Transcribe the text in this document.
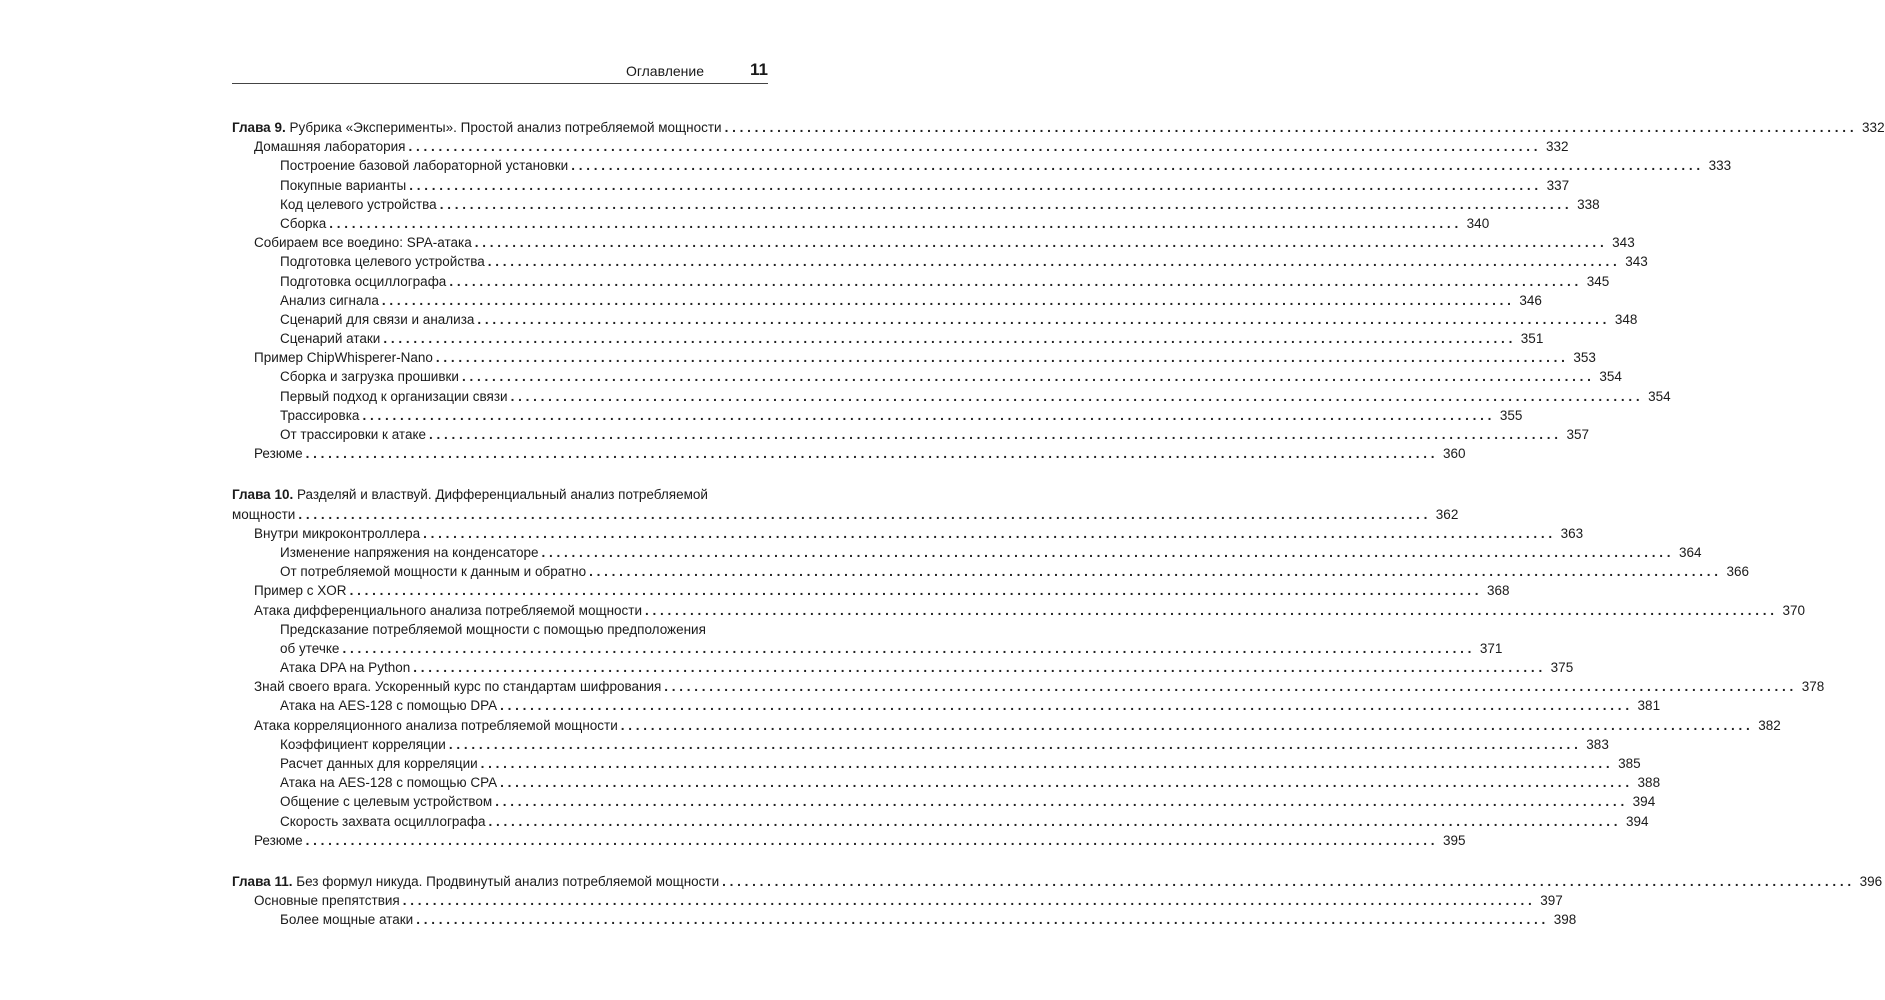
Оглавление	11
Глава 9. Рубрика «Эксперименты». Простой анализ потребляемой мощности . . .	332
Домашняя лаборатория . . .	332
Построение базовой лабораторной установки . . .	333
Покупные варианты . . .	337
Код целевого устройства . . .	338
Сборка . . .	340
Собираем все воедино: SPA-атака . . .	343
Подготовка целевого устройства . . .	343
Подготовка осциллографа . . .	345
Анализ сигнала . . .	346
Сценарий для связи и анализа . . .	348
Сценарий атаки . . .	351
Пример ChipWhisperer-Nano . . .	353
Сборка и загрузка прошивки . . .	354
Первый подход к организации связи . . .	354
Трассировка . . .	355
От трассировки к атаке . . .	357
Резюме . . .	360
Глава 10. Разделяй и властвуй. Дифференциальный анализ потребляемой
мощности . . .	362
Внутри микроконтроллера . . .	363
Изменение напряжения на конденсаторе . . .	364
От потребляемой мощности к данным и обратно . . .	366
Пример с XOR . . .	368
Атака дифференциального анализа потребляемой мощности . . .	370
Предсказание потребляемой мощности с помощью предположения
об утечке . . .	371
Атака DPA на Python . . .	375
Знай своего врага. Ускоренный курс по стандартам шифрования . . .	378
Атака на AES-128 с помощью DPA . . .	381
Атака корреляционного анализа потребляемой мощности . . .	382
Коэффициент корреляции . . .	383
Расчет данных для корреляции . . .	385
Атака на AES-128 с помощью CPA . . .	388
Общение с целевым устройством . . .	394
Скорость захвата осциллографа . . .	394
Резюме . . .	395
Глава 11. Без формул никуда. Продвинутый анализ потребляемой мощности . . .	396
Основные препятствия . . .	397
Более мощные атаки . . .	398
